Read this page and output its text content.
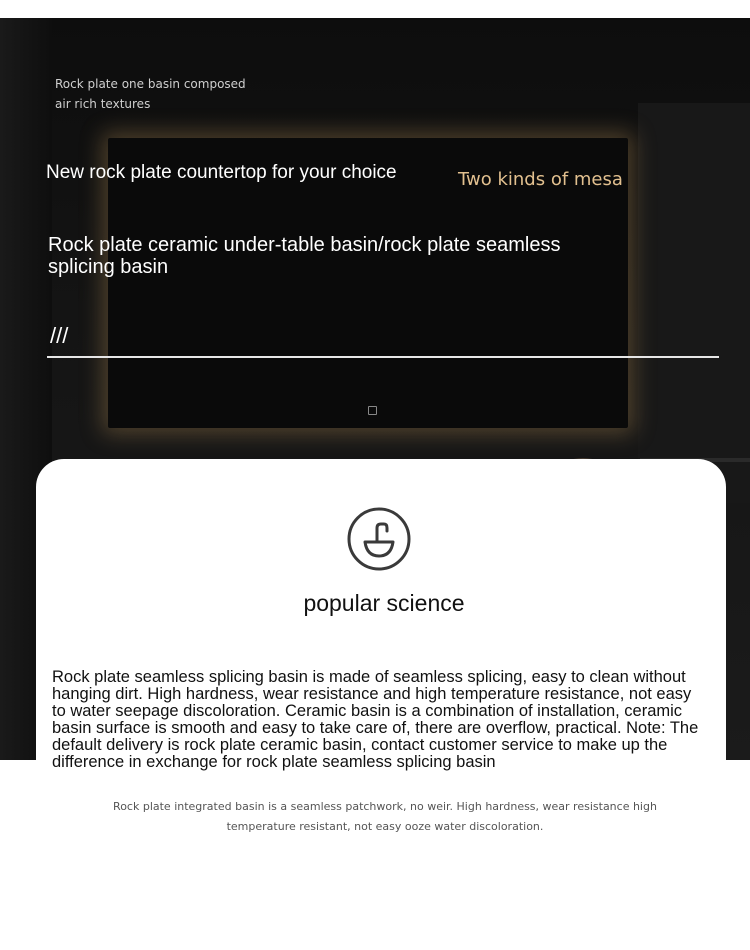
Rock plate one basin composed
air rich textures
Two kinds of mesa

New rock plate countertop for your choice

Rock plate ceramic under-table basin/rock plate seamless splicing basin

///
popular science

Rock plate seamless splicing basin is made of seamless splicing, easy to clean without hanging dirt. High hardness, wear resistance and high temperature resistance, not easy to water seepage discoloration. Ceramic basin is a combination of installation, ceramic basin surface is smooth and easy to take care of, there are overflow, practical. Note: The default delivery is rock plate ceramic basin, contact customer service to make up the difference in exchange for rock plate seamless splicing basin

Rock plate integrated basin is a seamless patchwork, no weir. High hardness, wear resistance high

temperature resistant, not easy ooze water discoloration.
